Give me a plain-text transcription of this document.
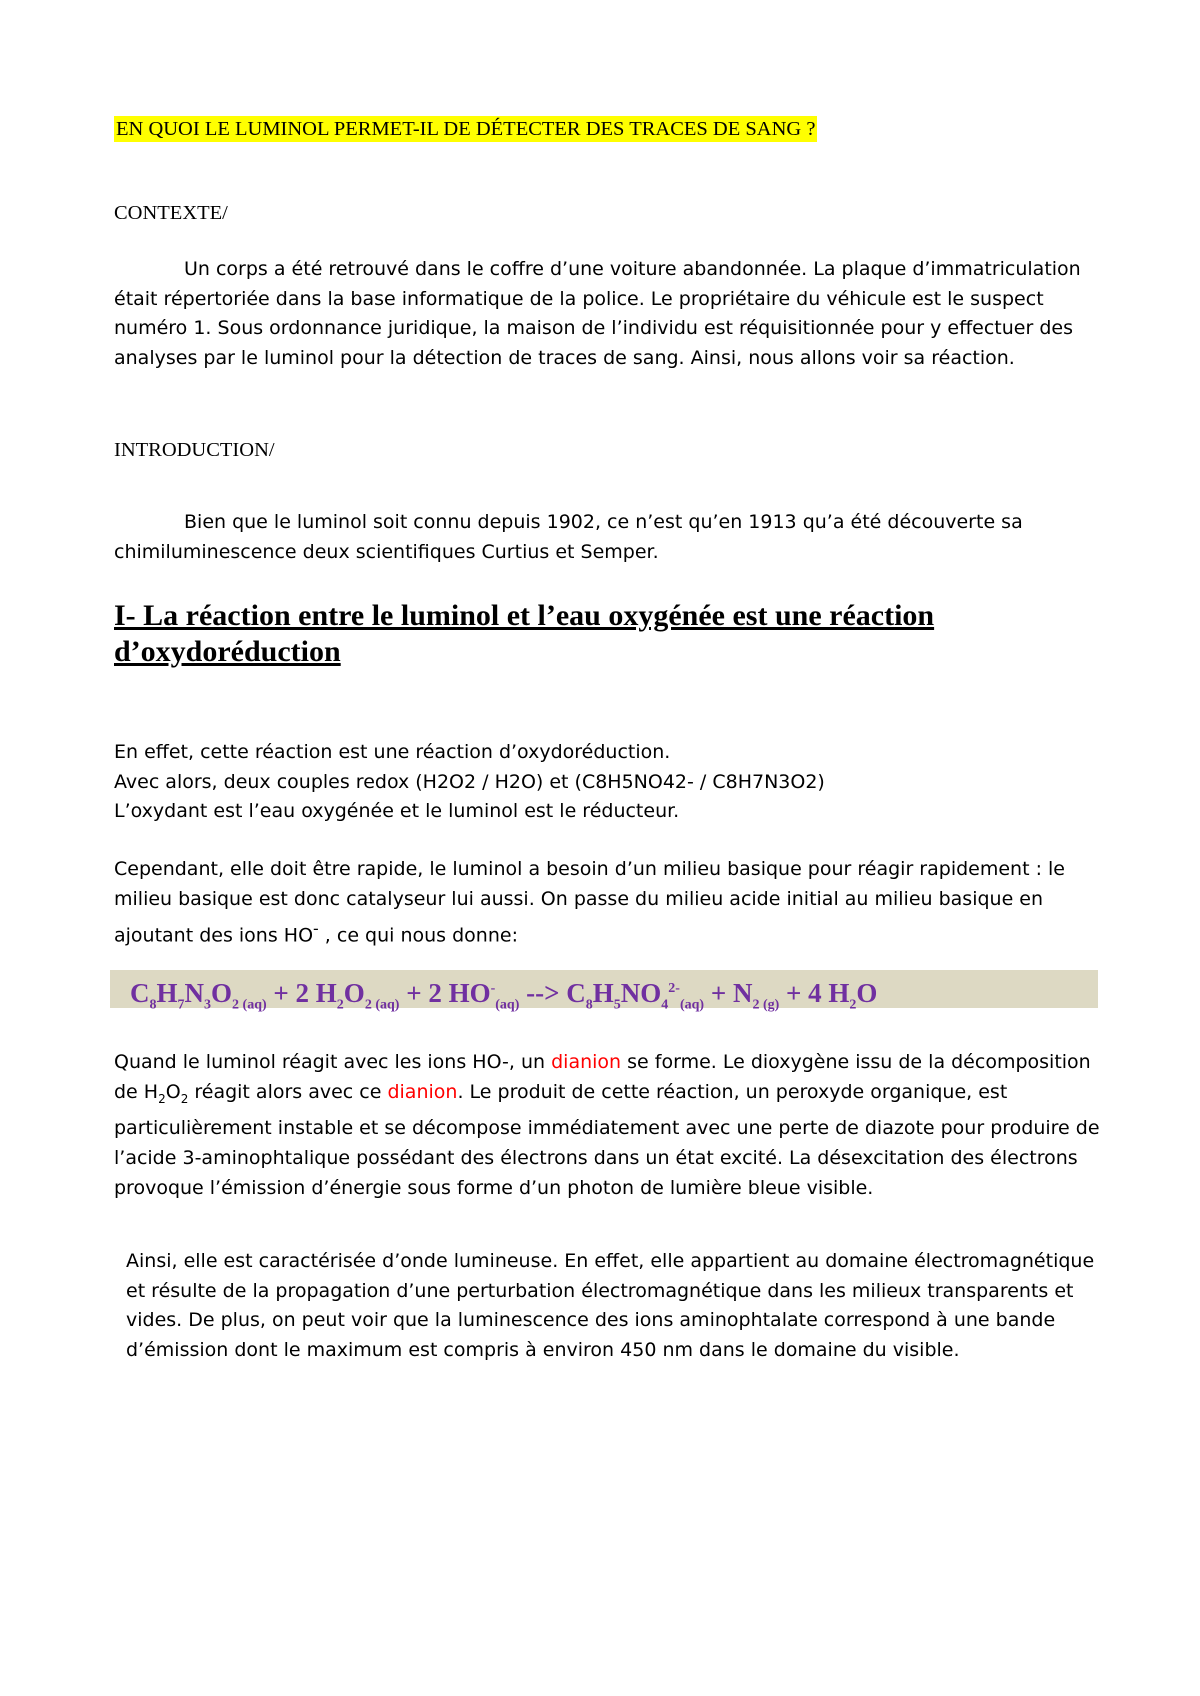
EN QUOI LE LUMINOL PERMET-IL DE DÉTECTER DES TRACES DE SANG ?
CONTEXTE/

Un corps a été retrouvé dans le coffre d’une voiture abandonnée. La plaque d’immatriculation était répertoriée dans la base informatique de la police. Le propriétaire du véhicule est le suspect numéro 1. Sous ordonnance juridique, la maison de l’individu est réquisitionnée pour y effectuer des analyses par le luminol pour la détection de traces de sang. Ainsi, nous allons voir sa réaction.

INTRODUCTION/

Bien que le luminol soit connu depuis 1902, ce n’est qu’en 1913 qu’a été découverte sa chimiluminescence deux scientifiques Curtius et Semper.

I- La réaction entre le luminol et l’eau oxygénée est une réaction d’oxydoréduction

En effet, cette réaction est une réaction d’oxydoréduction.

Avec alors, deux couples redox (H2O2 / H2O) et (C8H5NO42- / C8H7N3O2)

L’oxydant est l’eau oxygénée et le luminol est le réducteur.

Cependant, elle doit être rapide, le luminol a besoin d’un milieu basique pour réagir rapidement : le milieu basique est donc catalyseur lui aussi. On passe du milieu acide initial au milieu basique en ajoutant des ions HO- , ce qui nous donne:

$C_8H_7N_3O_2$ $_{(aq)}$ + 2 $H_2O_2$ $_{(aq)}$ + 2 $HO^-_{(aq)}$ --> $C_8H_5NO_4^{2-}_{(aq)} + N_{2 (g)} + 4$ $H_2O$

Quand le luminol réagit avec les ions HO-, un dianion se forme. Le dioxygène issu de la décomposition de $H_2O_2$ réagit alors avec ce dianion. Le produit de cette réaction, un peroxyde organique, est particulièrement instable et se décompose immédiatement avec une perte de diazote pour produire de l’acide 3-aminophtalique possédant des électrons dans un état excité. La désexcitation des électrons provoque l’émission d’énergie sous forme d’un photon de lumière bleue visible.

Ainsi, elle est caractérisée d’onde lumineuse. En effet, elle appartient au domaine électromagnétique et résulte de la propagation d’une perturbation électromagnétique dans les milieux transparents et vides. De plus, on peut voir que la luminescence des ions aminophtalate correspond à une bande d’émission dont le maximum est compris à environ 450 nm dans le domaine du visible.
